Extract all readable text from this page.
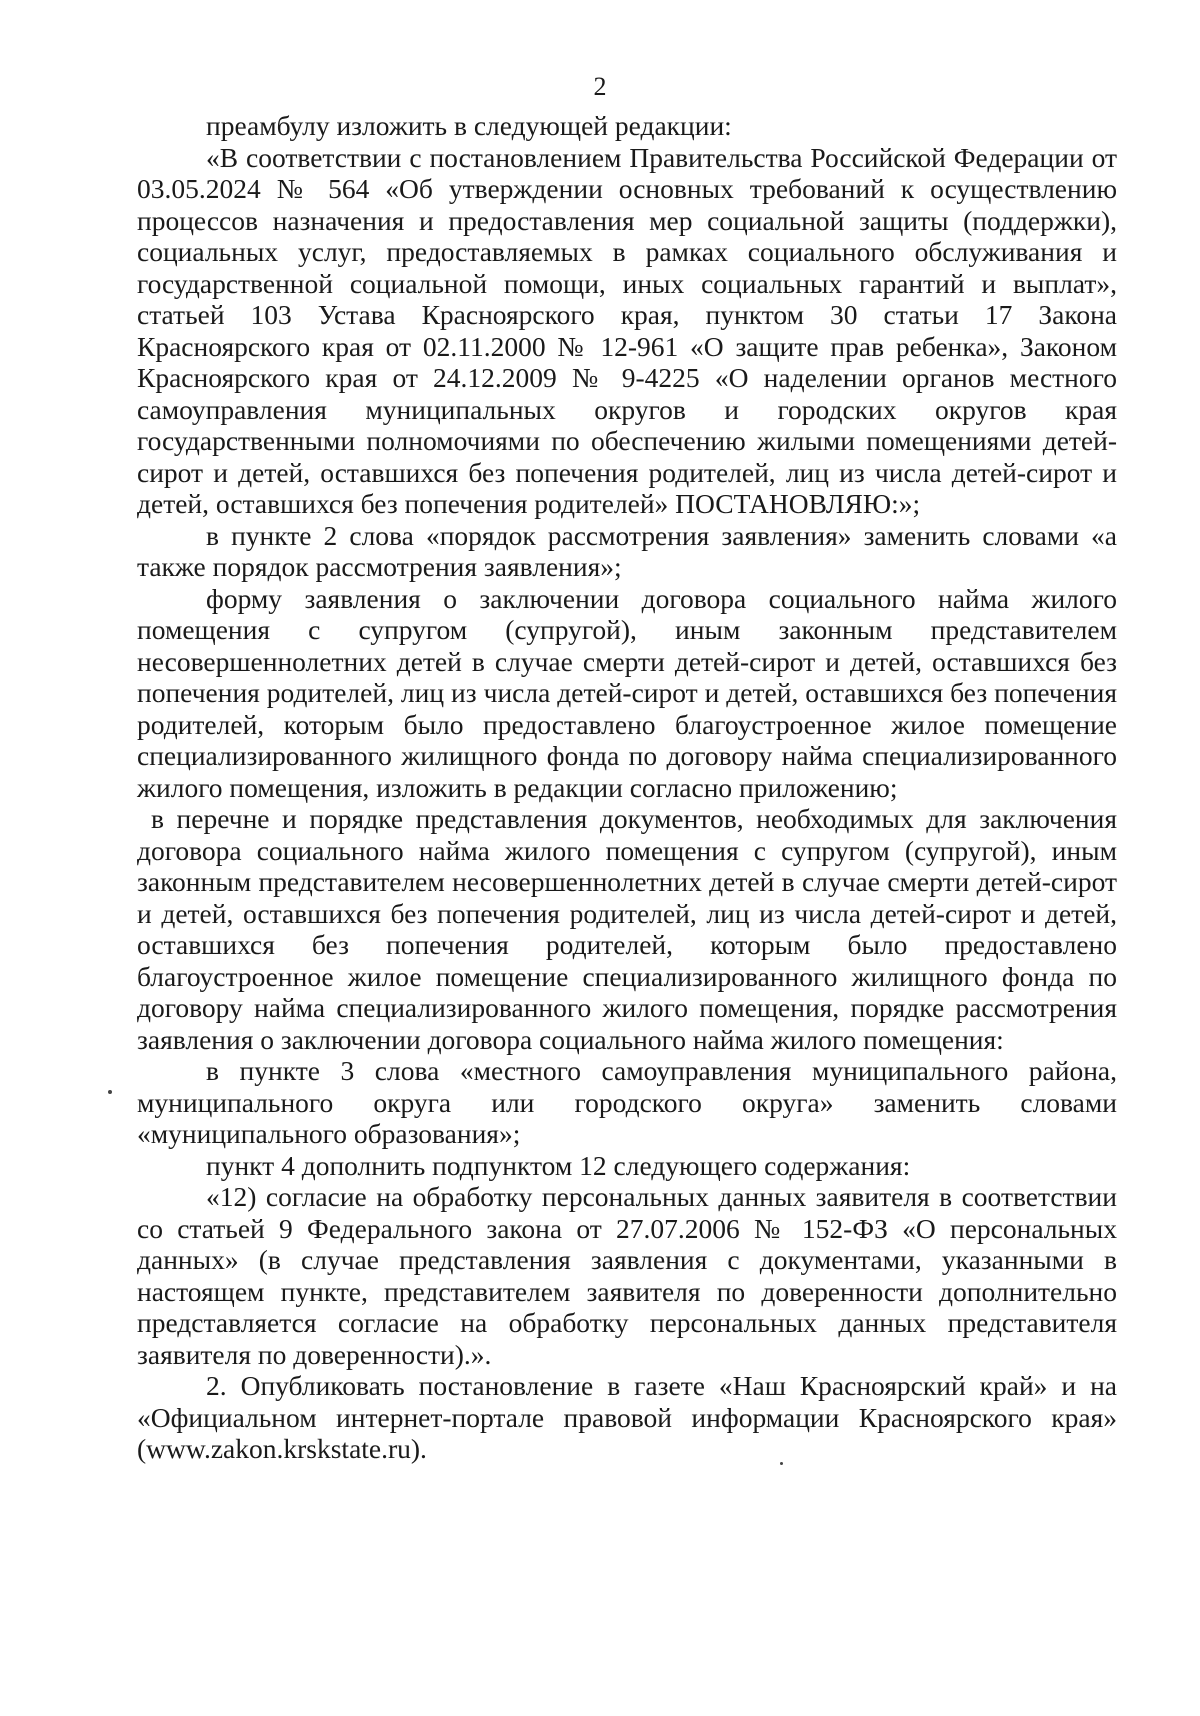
2

преамбулу изложить в следующей редакции:

«В соответствии с постановлением Правительства Российской Федерации от 03.05.2024 № 564 «Об утверждении основных требований к осуществлению процессов назначения и предоставления мер социальной защиты (поддержки), социальных услуг, предоставляемых в рамках социального обслуживания и государственной социальной помощи, иных социальных гарантий и выплат», статьей 103 Устава Красноярского края, пунктом 30 статьи 17 Закона Красноярского края от 02.11.2000 № 12-961 «О защите прав ребенка», Законом Красноярского края от 24.12.2009 № 9-4225 «О наделении органов местного самоуправления муниципальных округов и городских округов края государственными полномочиями по обеспечению жилыми помещениями детей-сирот и детей, оставшихся без попечения родителей, лиц из числа детей-сирот и детей, оставшихся без попечения родителей» ПОСТАНОВЛЯЮ:»;

в пункте 2 слова «порядок рассмотрения заявления» заменить словами «а также порядок рассмотрения заявления»;

форму заявления о заключении договора социального найма жилого помещения с супругом (супругой), иным законным представителем несовершеннолетних детей в случае смерти детей-сирот и детей, оставшихся без попечения родителей, лиц из числа детей-сирот и детей, оставшихся без попечения родителей, которым было предоставлено благоустроенное жилое помещение специализированного жилищного фонда по договору найма специализированного жилого помещения, изложить в редакции согласно приложению;

в перечне и порядке представления документов, необходимых для заключения договора социального найма жилого помещения с супругом (супругой), иным законным представителем несовершеннолетних детей в случае смерти детей-сирот и детей, оставшихся без попечения родителей, лиц из числа детей-сирот и детей, оставшихся без попечения родителей, которым было предоставлено благоустроенное жилое помещение специализированного жилищного фонда по договору найма специализированного жилого помещения, порядке рассмотрения заявления о заключении договора социального найма жилого помещения:

в пункте 3 слова «местного самоуправления муниципального района, муниципального округа или городского округа» заменить словами «муниципального образования»;

пункт 4 дополнить подпунктом 12 следующего содержания:

«12) согласие на обработку персональных данных заявителя в соответствии со статьей 9 Федерального закона от 27.07.2006 № 152-ФЗ «О персональных данных» (в случае представления заявления с документами, указанными в настоящем пункте, представителем заявителя по доверенности дополнительно представляется согласие на обработку персональных данных представителя заявителя по доверенности).».

2. Опубликовать постановление в газете «Наш Красноярский край» и на «Официальном интернет-портале правовой информации Красноярского края» (www.zakon.krskstate.ru).
